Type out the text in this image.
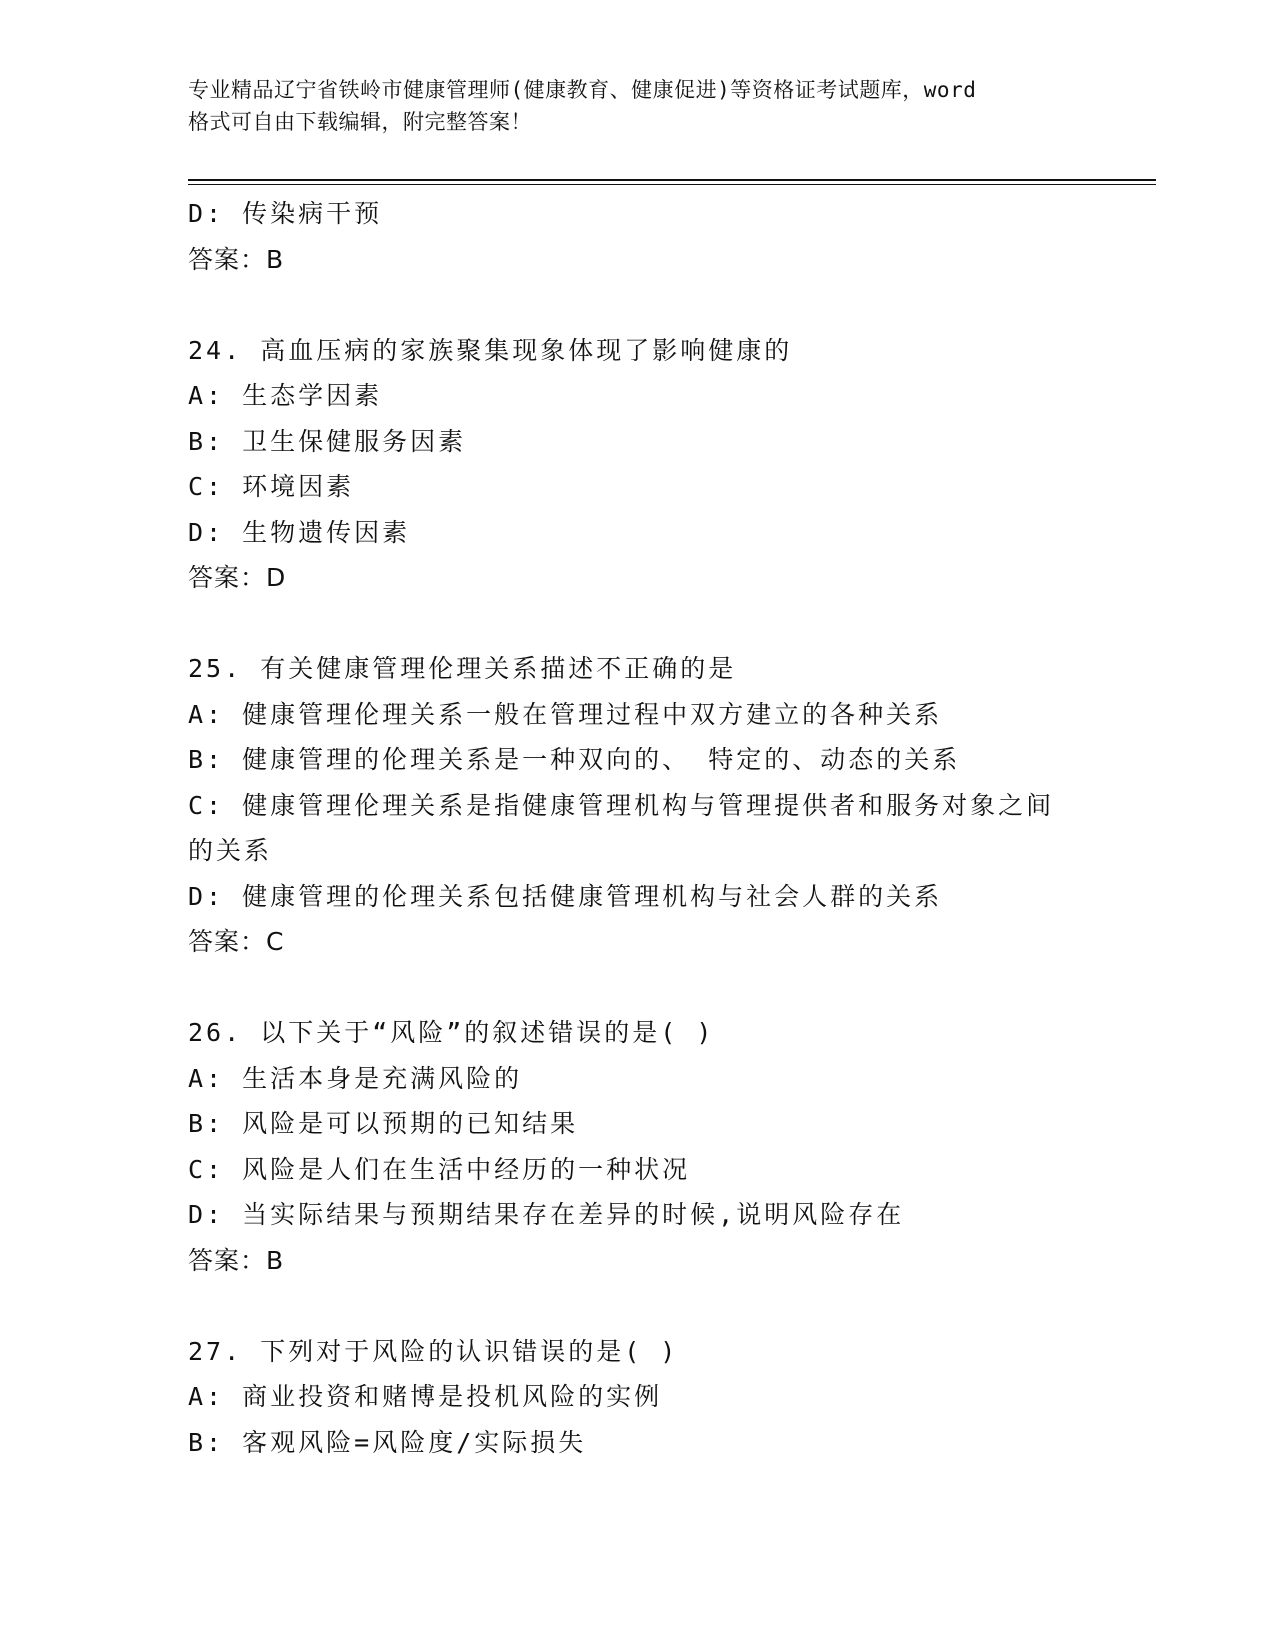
专业精品辽宁省铁岭市健康管理师(健康教育、健康促进)等资格证考试题库，word
格式可自由下载编辑，附完整答案！
D: 传染病干预
答案：B
24. 高血压病的家族聚集现象体现了影响健康的
A: 生态学因素
B: 卫生保健服务因素
C: 环境因素
D: 生物遗传因素
答案：D
25. 有关健康管理伦理关系描述不正确的是
A: 健康管理伦理关系一般在管理过程中双方建立的各种关系
B: 健康管理的伦理关系是一种双向的、 特定的、动态的关系
C: 健康管理伦理关系是指健康管理机构与管理提供者和服务对象之间
的关系
D: 健康管理的伦理关系包括健康管理机构与社会人群的关系
答案：C
26. 以下关于“风险”的叙述错误的是( )
A: 生活本身是充满风险的
B: 风险是可以预期的已知结果
C: 风险是人们在生活中经历的一种状况
D: 当实际结果与预期结果存在差异的时候,说明风险存在
答案：B
27. 下列对于风险的认识错误的是( )
A: 商业投资和赌博是投机风险的实例
B: 客观风险=风险度/实际损失
